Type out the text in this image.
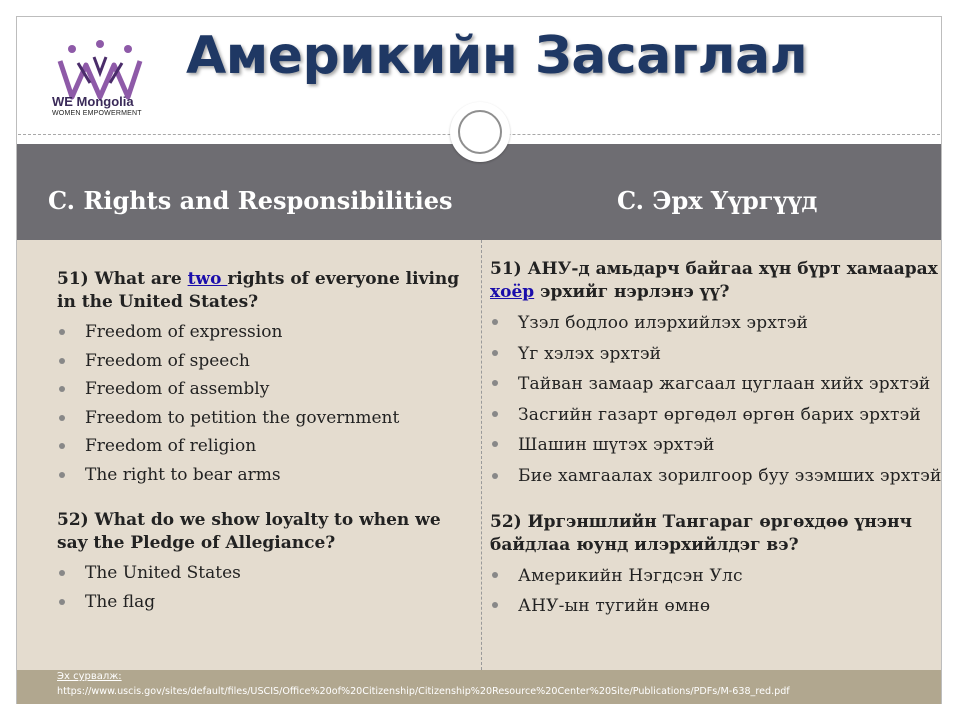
WE Mongolia
WOMEN EMPOWERMENT
Америкийн Засаглал
C. Rights and Responsibilities	C. Эрх Үүргүүд
51) What are two rights of everyone living in the United States?
Freedom of expression
Freedom of speech
Freedom of assembly
Freedom to petition the government
Freedom of religion
The right to bear arms
52) What do we show loyalty to when we say the Pledge of Allegiance?
The United States
The flag
51) АНУ-д амьдарч байгаа хүн бүрт хамаарах хоёр эрхийг нэрлэнэ үү?
Үзэл бодлоо илэрхийлэх эрхтэй
Үг хэлэх эрхтэй
Тайван замаар жагсаал цуглаан хийх эрхтэй
Засгийн газарт өргөдөл өргөн барих эрхтэй
Шашин шүтэх эрхтэй
Бие хамгаалах зорилгоор буу эзэмших эрхтэй
52) Иргэншлийн Тангараг өргөхдөө үнэнч байдлаа юунд илэрхийлдэг вэ?
Америкийн Нэгдсэн Улс
АНУ-ын тугийн өмнө
Эх сурвалж:
https://www.uscis.gov/sites/default/files/USCIS/Office%20of%20Citizenship/Citizenship%20Resource%20Center%20Site/Publications/PDFs/M-638_red.pdf
